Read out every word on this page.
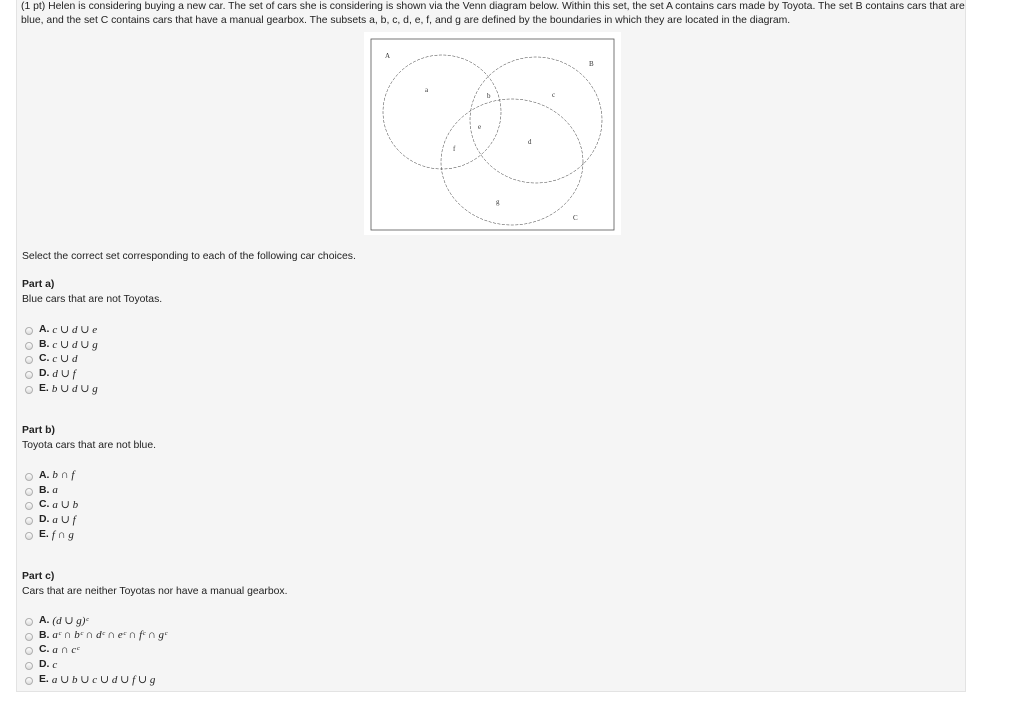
(1 pt) Helen is considering buying a new car. The set of cars she is considering is shown via the Venn diagram below. Within this set, the set A contains cars made by Toyota. The set B contains cars that are blue, and the set C contains cars that have a manual gearbox. The subsets a, b, c, d, e, f, and g are defined by the boundaries in which they are located in the diagram.
A
B
C
a
b	c
d
e
f
g
Select the correct set corresponding to each of the following car choices.
Part a)
Blue cars that are not Toyotas.
A. c ∪ d ∪ e
B. c ∪ d ∪ g
C. c ∪ d
D. d ∪ f
E. b ∪ d ∪ g
Part b)
Toyota cars that are not blue.
A. b ∩ f
B. a
C. a ∪ b
D. a ∪ f
E. f ∩ g
Part c)
Cars that are neither Toyotas nor have a manual gearbox.
A. (d ∪ g)ᶜ
B. aᶜ ∩ bᶜ ∩ dᶜ ∩ eᶜ ∩ fᶜ ∩ gᶜ
C. a ∩ cᶜ
D. c
E. a ∪ b ∪ c ∪ d ∪ f ∪ g
